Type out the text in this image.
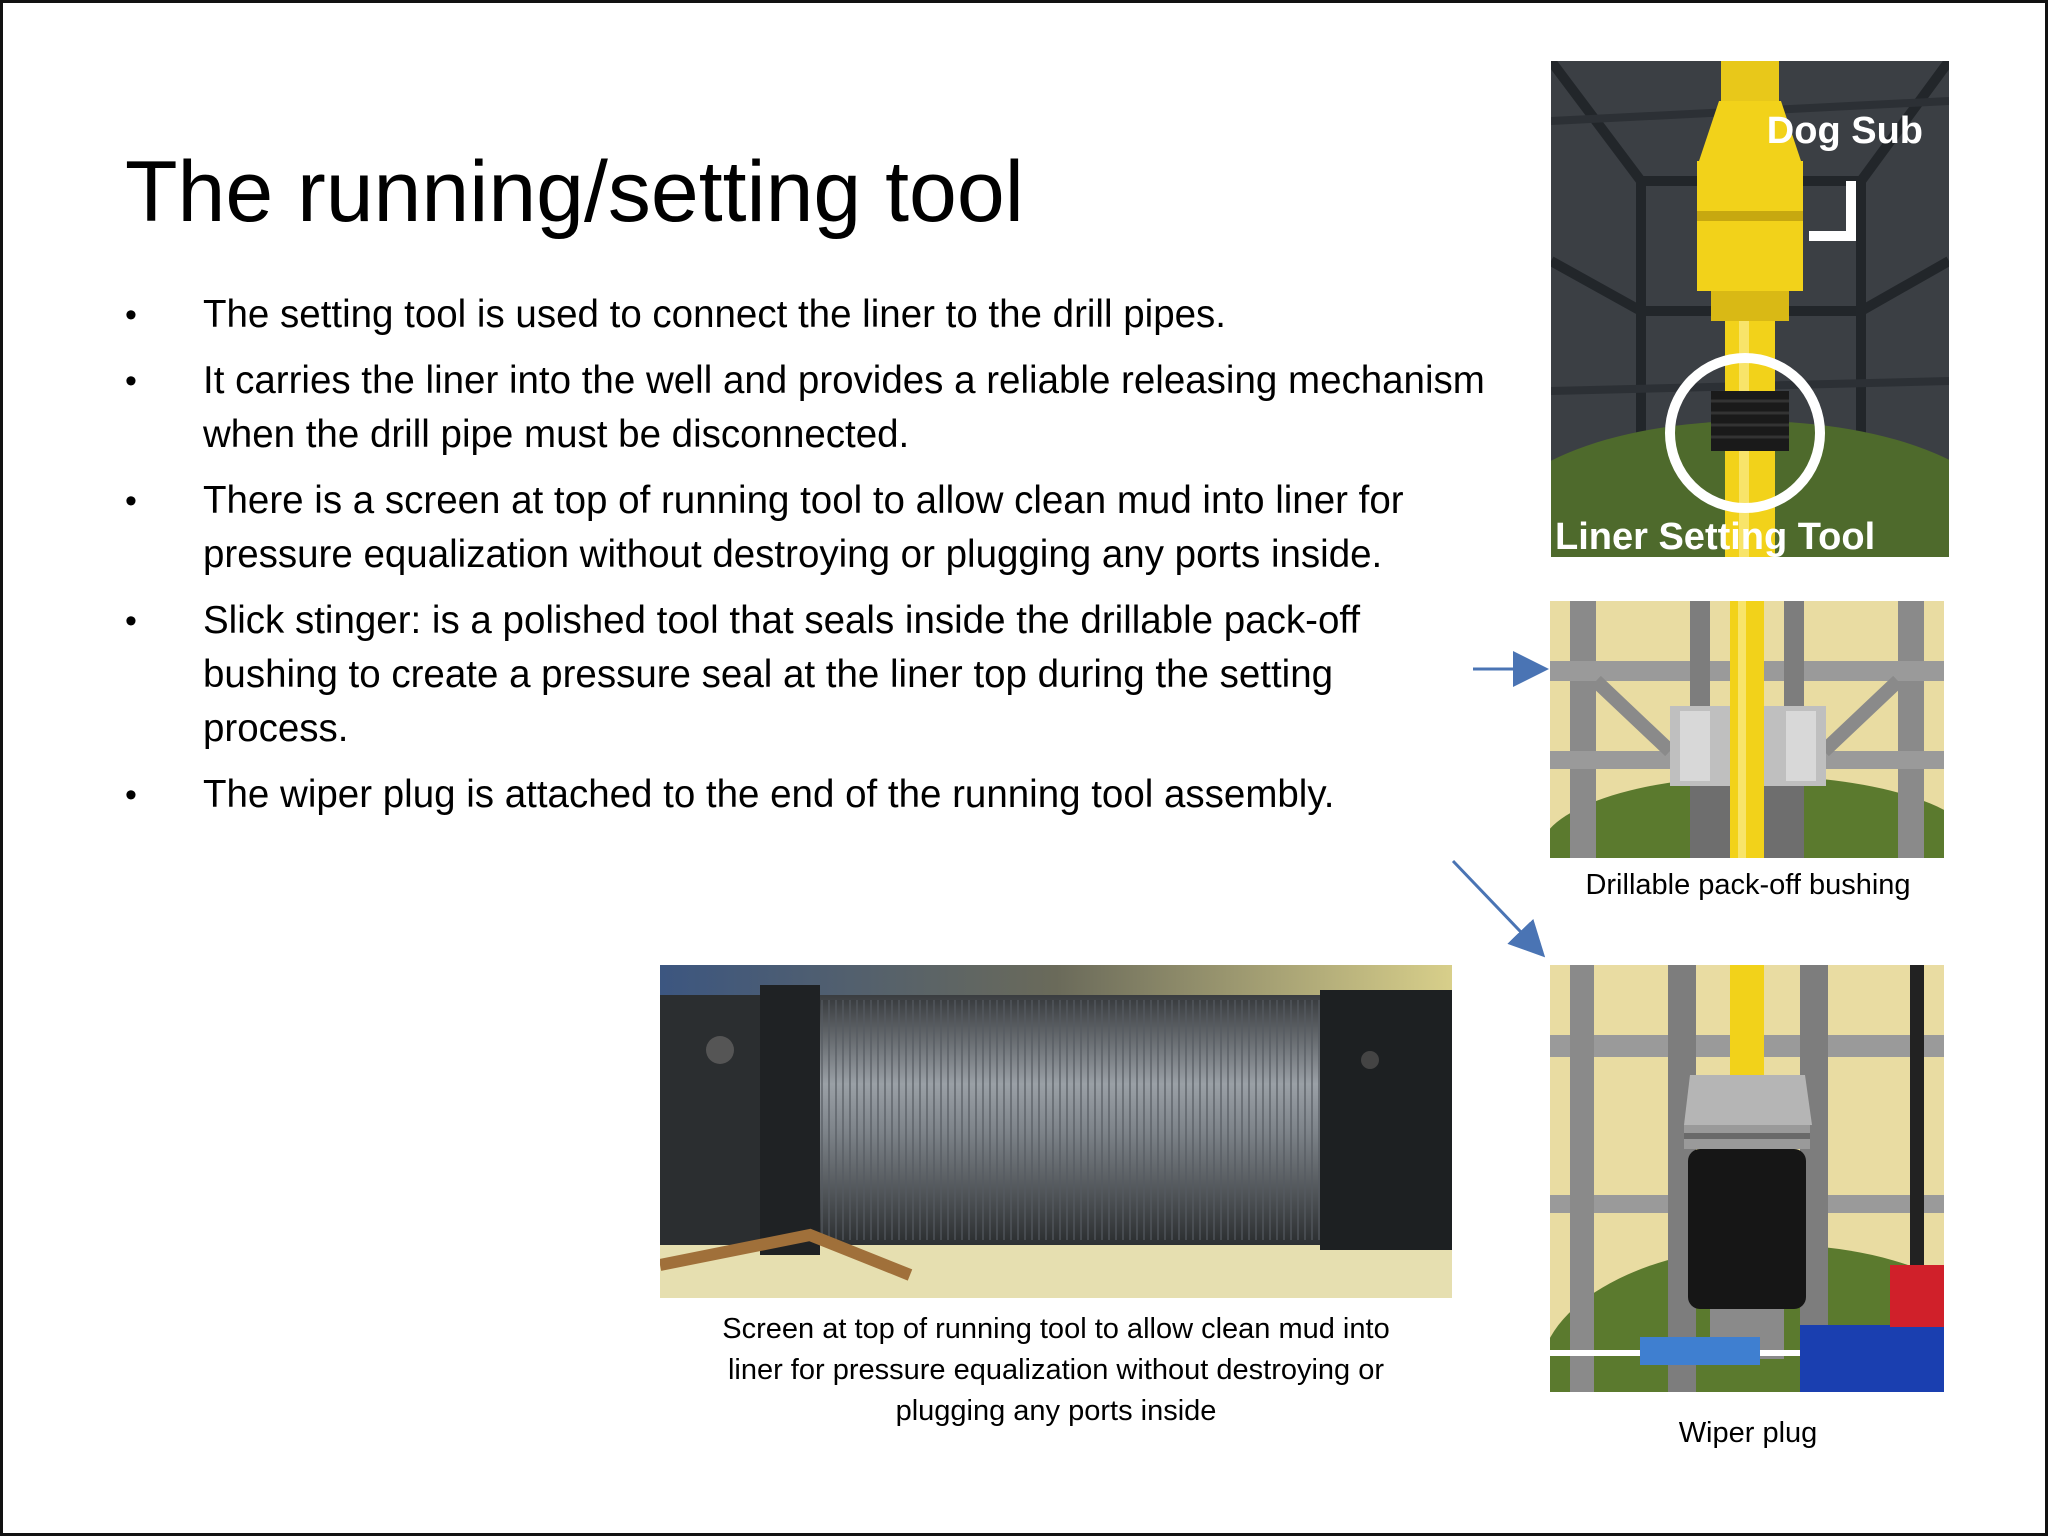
The running/setting tool
• The setting tool is used to connect the liner to the drill pipes.
• It carries the liner into the well and provides a reliable releasing mechanism when the drill pipe must be disconnected.
• There is a screen at top of running tool to allow clean mud into liner for pressure equalization without destroying or plugging any ports inside.
• Slick stinger: is a polished tool that seals inside the drillable pack-off bushing to create a pressure seal at the liner top during the setting process.
• The wiper plug is attached to the end of the running tool assembly.
Dog Sub
Liner Setting Tool
Drillable pack-off bushing
Wiper plug
Screen at top of running tool to allow clean mud into
liner for pressure equalization without destroying or
plugging any ports inside
